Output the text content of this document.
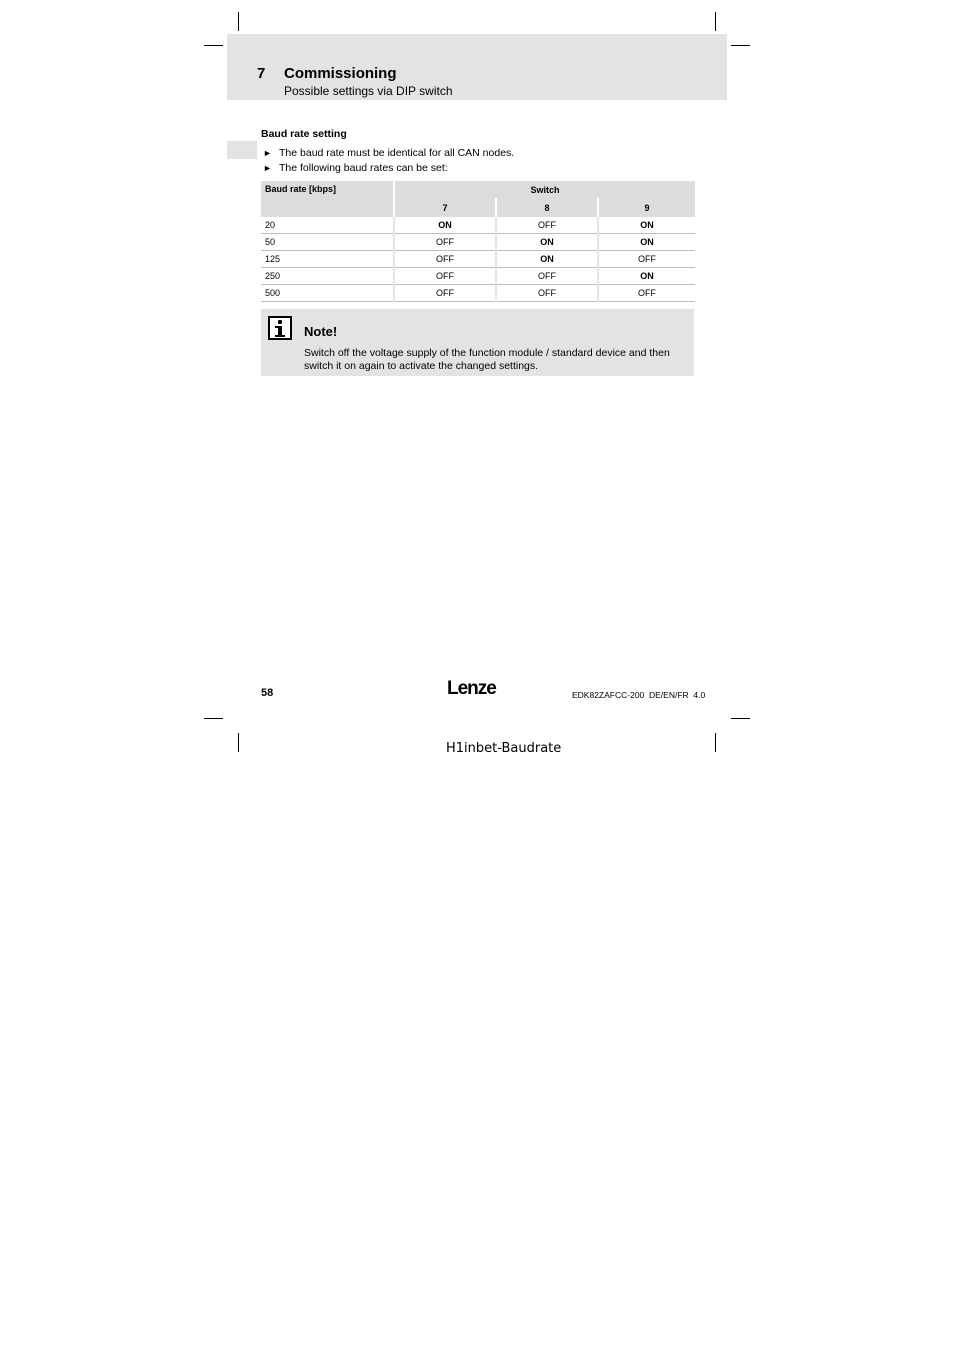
7 Commissioning
Possible settings via DIP switch
Baud rate setting
► The baud rate must be identical for all CAN nodes.
► The following baud rates can be set:
Baud rate [kbps]	Switch		
	7	8	9
20	ON	OFF	ON
50	OFF	ON	ON
125	OFF	ON	OFF
250	OFF	OFF	ON
500	OFF	OFF	OFF
Note!
Switch off the voltage supply of the function module / standard device and then switch it on again to activate the changed settings.
58	Lenze	EDK82ZAFCC-200  DE/EN/FR  4.0
H1inbet-Baudrate
